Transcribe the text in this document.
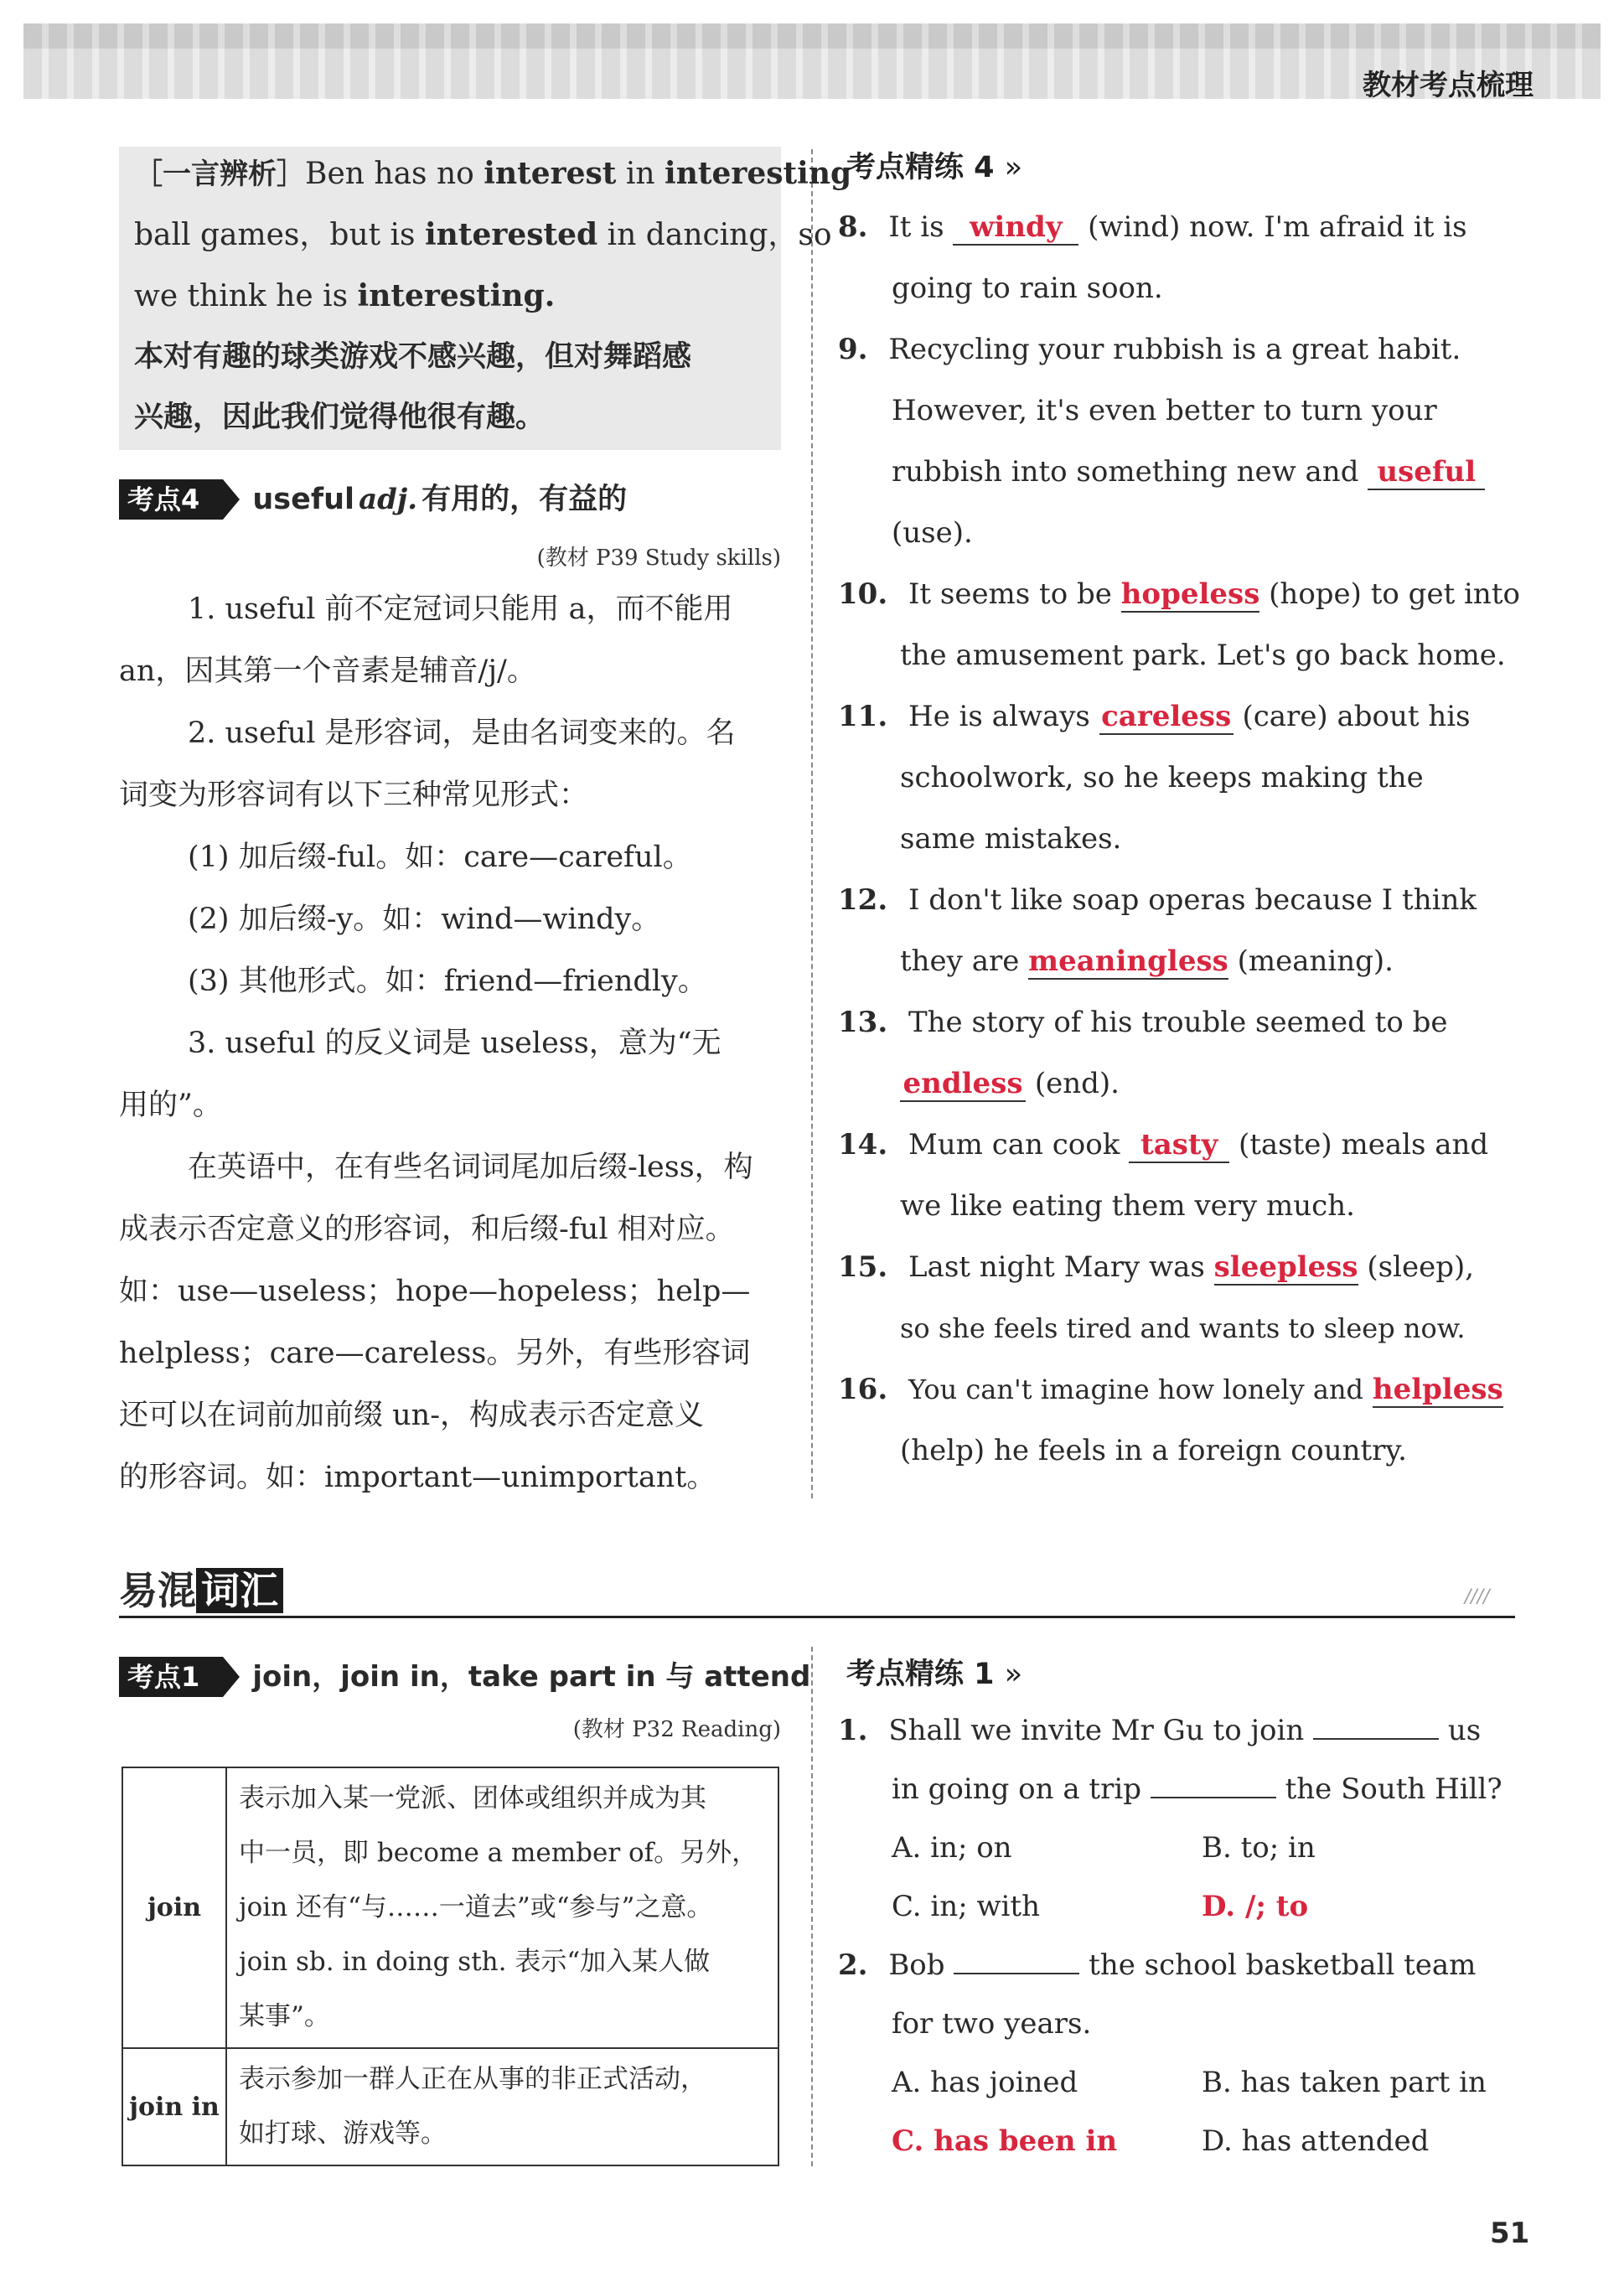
教材考点梳理
［一言辨析］Ben has no interest in interesting
ball games，but is interested in dancing，so
we think he is interesting.
本对有趣的球类游戏不感兴趣，但对舞蹈感
兴趣，因此我们觉得他很有趣。
考点4 useful adj. 有用的，有益的
(教材 P39 Study skills)
1. useful 前不定冠词只能用 a，而不能用
an，因其第一个音素是辅音/j/。
2. useful 是形容词，是由名词变来的。名
词变为形容词有以下三种常见形式：
(1) 加后缀-ful。如：care—careful。
(2) 加后缀-y。如：wind—windy。
(3) 其他形式。如：friend—friendly。
3. useful 的反义词是 useless，意为“无
用的”。
在英语中，在有些名词词尾加后缀-less，构
成表示否定意义的形容词，和后缀-ful 相对应。
如：use—useless；hope—hopeless；help—
helpless；care—careless。另外，有些形容词
还可以在词前加前缀 un-，构成表示否定意义
的形容词。如：important—unimportant。
考点精练 4 »
8. It is windy (wind) now. I'm afraid it is
going to rain soon.
9. Recycling your rubbish is a great habit.
However, it's even better to turn your
rubbish into something new and useful
(use).
10. It seems to be hopeless (hope) to get into
the amusement park. Let's go back home.
11. He is always careless (care) about his
schoolwork, so he keeps making the
same mistakes.
12. I don't like soap operas because I think
they are meaningless (meaning).
13. The story of his trouble seemed to be
endless (end).
14. Mum can cook tasty (taste) meals and
we like eating them very much.
15. Last night Mary was sleepless (sleep),
so she feels tired and wants to sleep now.
16. You can't imagine how lonely and helpless
(help) he feels in a foreign country.
易混 词汇	////
考点1 join，join in，take part in 与 attend
(教材 P32 Reading)
join	表示加入某一党派、团体或组织并成为其
中一员，即 become a member of。另外，
join 还有“与……一道去”或“参与”之意。
join sb. in doing sth. 表示“加入某人做
某事”。

join in	表示参加一群人正在从事的非正式活动，
如打球、游戏等。
考点精练 1 »
1. Shall we invite Mr Gu to join	us
in going on a trip	the South Hill?
A. in; on	B. to; in
C. in; with	D. /; to
2. Bob	the school basketball team
for two years.
A. has joined	B. has taken part in
C. has been in	D. has attended
51
